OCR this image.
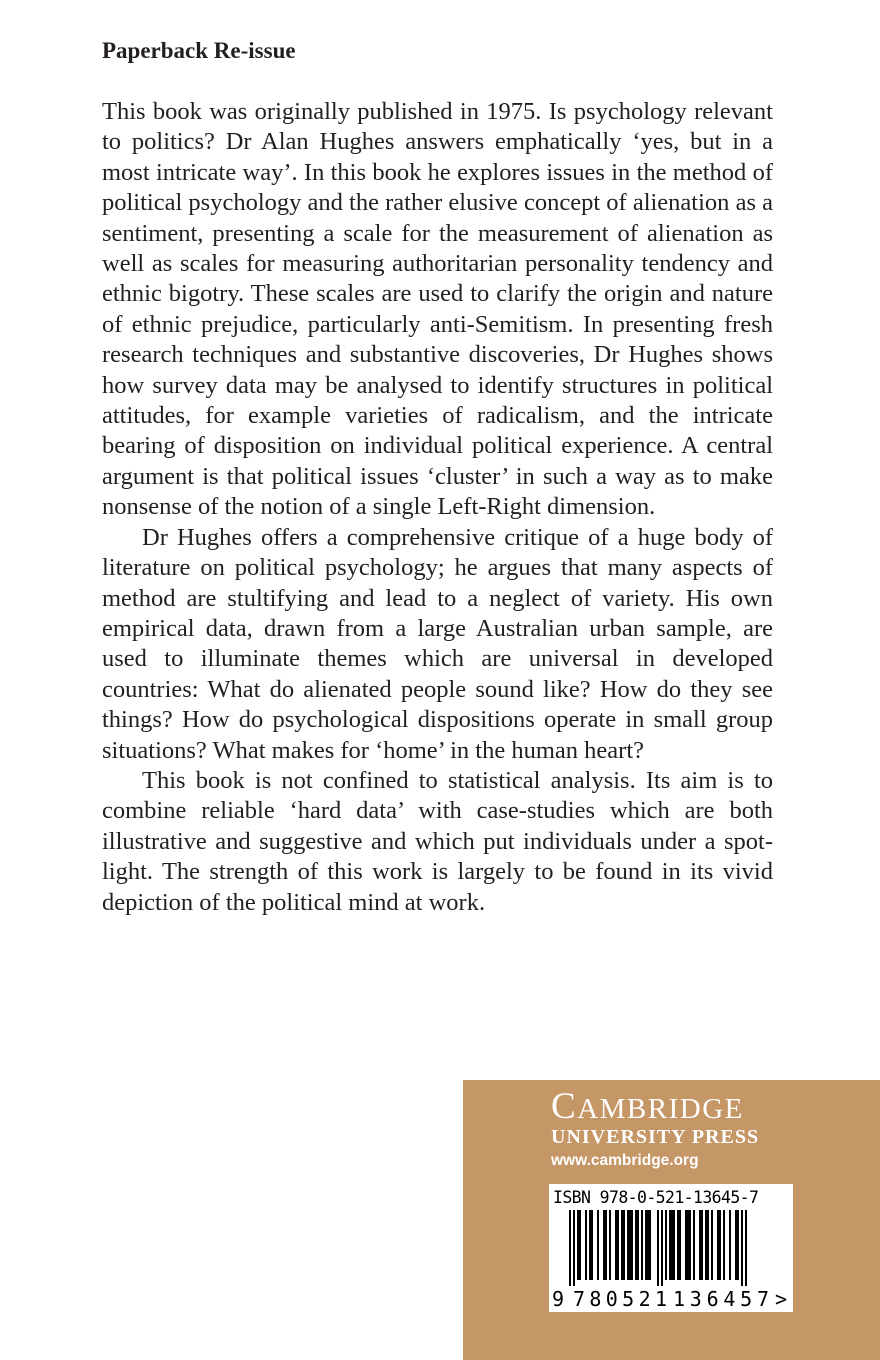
Paperback Re-issue

This book was originally published in 1975. Is psychology relevant to politics? Dr Alan Hughes answers emphatically ‘yes, but in a most intricate way’. In this book he explores issues in the method of political psychology and the rather elusive concept of alienation as a sentiment, presenting a scale for the measurement of alienation as well as scales for measuring authoritarian personality tendency and ethnic bigotry. These scales are used to clarify the origin and nature of ethnic prejudice, particularly anti-Semitism. In presenting fresh research techniques and substantive discoveries, Dr Hughes shows how survey data may be analysed to identify structures in political attitudes, for example varieties of radicalism, and the intricate bearing of disposition on individual political experience. A central argument is that political issues ‘cluster’ in such a way as to make nonsense of the notion of a single Left-Right dimension.

Dr Hughes offers a comprehensive critique of a huge body of literature on political psychology; he argues that many aspects of method are stultifying and lead to a neglect of variety. His own empirical data, drawn from a large Australian urban sample, are used to illuminate themes which are universal in developed countries: What do alienated people sound like? How do they see things? How do psychological dispositions operate in small group situations? What makes for ‘home’ in the human heart?

This book is not confined to statistical analysis. Its aim is to combine reliable ‘hard data’ with case-studies which are both illustrative and suggestive and which put individuals under a spot-light. The strength of this work is largely to be found in its vivid depiction of the political mind at work.

CAMBRIDGE
UNIVERSITY PRESS
www.cambridge.org
ISBN 978-0-521-13645-7
9 780521 136457 >
